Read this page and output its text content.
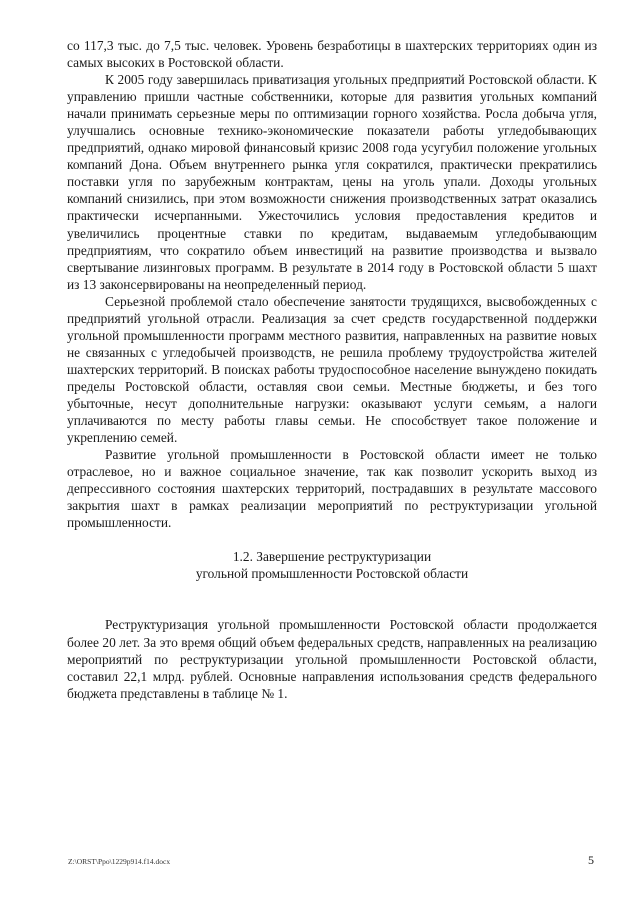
со 117,3 тыс. до 7,5 тыс. человек. Уровень безработицы в шахтерских территориях один из самых высоких в Ростовской области.

К 2005 году завершилась приватизация угольных предприятий Ростовской области. К управлению пришли частные собственники, которые для развития угольных компаний начали принимать серьезные меры по оптимизации горного хозяйства. Росла добыча угля, улучшались основные технико-экономические показатели работы угледобывающих предприятий, однако мировой финансовый кризис 2008 года усугубил положение угольных компаний Дона. Объем внутреннего рынка угля сократился, практически прекратились поставки угля по зарубежным контрактам, цены на уголь упали. Доходы угольных компаний снизились, при этом возможности снижения производственных затрат оказались практически исчерпанными. Ужесточились условия предоставления кредитов и увеличились процентные ставки по кредитам, выдаваемым угледобывающим предприятиям, что сократило объем инвестиций на развитие производства и вызвало свертывание лизинговых программ. В результате в 2014 году в Ростовской области 5 шахт из 13 законсервированы на неопределенный период.

Серьезной проблемой стало обеспечение занятости трудящихся, высвобожденных с предприятий угольной отрасли. Реализация за счет средств государственной поддержки угольной промышленности программ местного развития, направленных на развитие новых не связанных с угледобычей производств, не решила проблему трудоустройства жителей шахтерских территорий. В поисках работы трудоспособное население вынуждено покидать пределы Ростовской области, оставляя свои семьи. Местные бюджеты, и без того убыточные, несут дополнительные нагрузки: оказывают услуги семьям, а налоги уплачиваются по месту работы главы семьи. Не способствует такое положение и укреплению семей.

Развитие угольной промышленности в Ростовской области имеет не только отраслевое, но и важное социальное значение, так как позволит ускорить выход из депрессивного состояния шахтерских территорий, пострадавших в результате массового закрытия шахт в рамках реализации мероприятий по реструктуризации угольной промышленности.

1.2. Завершение реструктуризации
угольной промышленности Ростовской области

Реструктуризация угольной промышленности Ростовской области продолжается более 20 лет. За это время общий объем федеральных средств, направленных на реализацию мероприятий по реструктуризации угольной промышленности Ростовской области, составил 22,1 млрд. рублей. Основные направления использования средств федерального бюджета представлены в таблице № 1.

Z:\ORST\Ppo\1229p914.f14.docx	5
